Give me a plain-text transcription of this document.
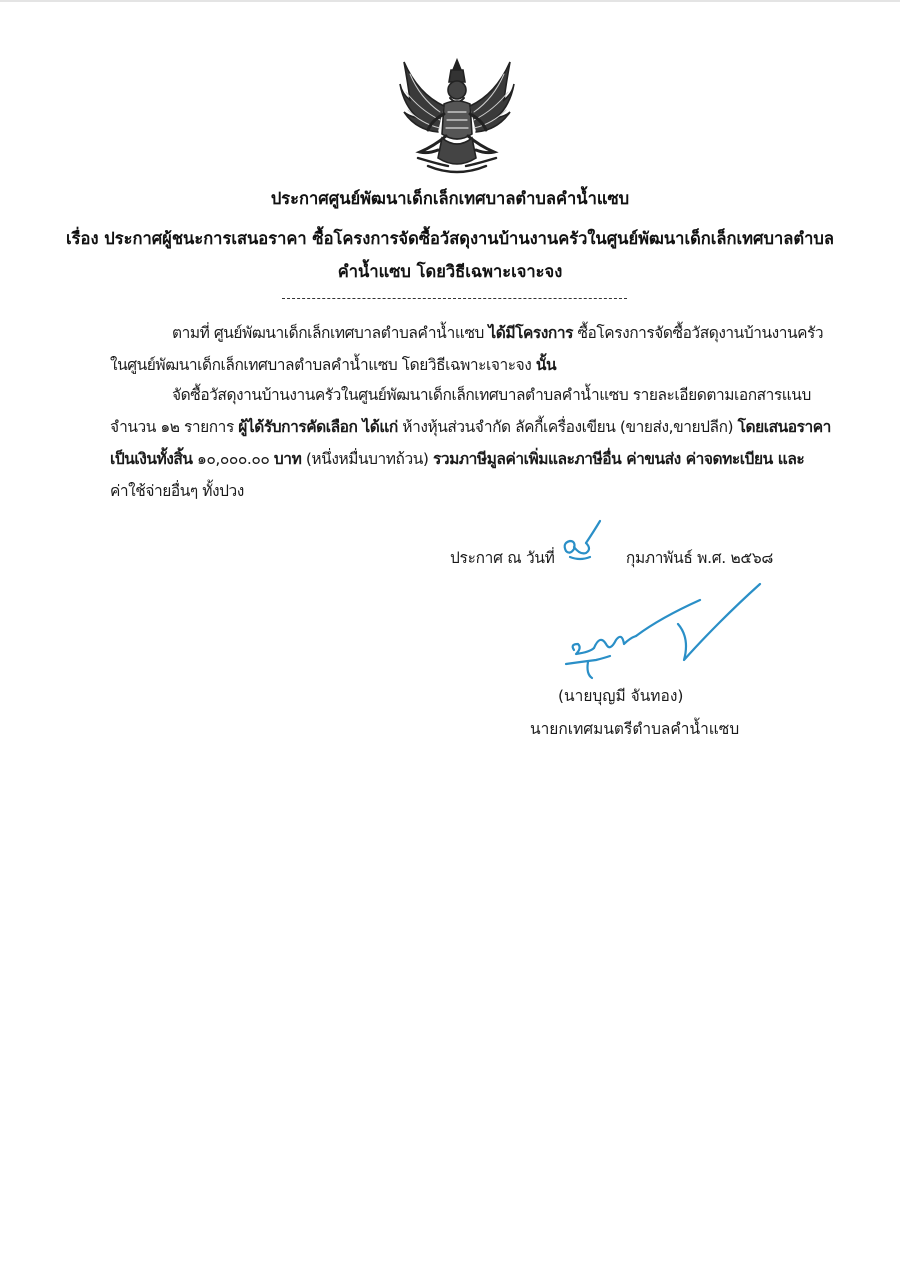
ประกาศศูนย์พัฒนาเด็กเล็กเทศบาลตำบลคำน้ำแซบ
เรื่อง ประกาศผู้ชนะการเสนอราคา ซื้อโครงการจัดซื้อวัสดุงานบ้านงานครัวในศูนย์พัฒนาเด็กเล็กเทศบาลตำบล
คำน้ำแซบ โดยวิธีเฉพาะเจาะจง
ตามที่ ศูนย์พัฒนาเด็กเล็กเทศบาลตำบลคำน้ำแซบ ได้มีโครงการ ซื้อโครงการจัดซื้อวัสดุงานบ้านงานครัว
ในศูนย์พัฒนาเด็กเล็กเทศบาลตำบลคำน้ำแซบ โดยวิธีเฉพาะเจาะจง นั้น
จัดซื้อวัสดุงานบ้านงานครัวในศูนย์พัฒนาเด็กเล็กเทศบาลตำบลคำน้ำแซบ รายละเอียดตามเอกสารแนบ
จำนวน ๑๒ รายการ ผู้ได้รับการคัดเลือก ได้แก่ ห้างหุ้นส่วนจำกัด ลัคกี้เครื่องเขียน (ขายส่ง,ขายปลีก) โดยเสนอราคา
เป็นเงินทั้งสิ้น ๑๐,๐๐๐.๐๐ บาท (หนึ่งหมื่นบาทถ้วน) รวมภาษีมูลค่าเพิ่มและภาษีอื่น ค่าขนส่ง ค่าจดทะเบียน และ
ค่าใช้จ่ายอื่นๆ ทั้งปวง
ประกาศ ณ วันที่	กุมภาพันธ์ พ.ศ. ๒๕๖๘
(นายบุญมี จันทอง)
นายกเทศมนตรีตำบลคำน้ำแซบ
